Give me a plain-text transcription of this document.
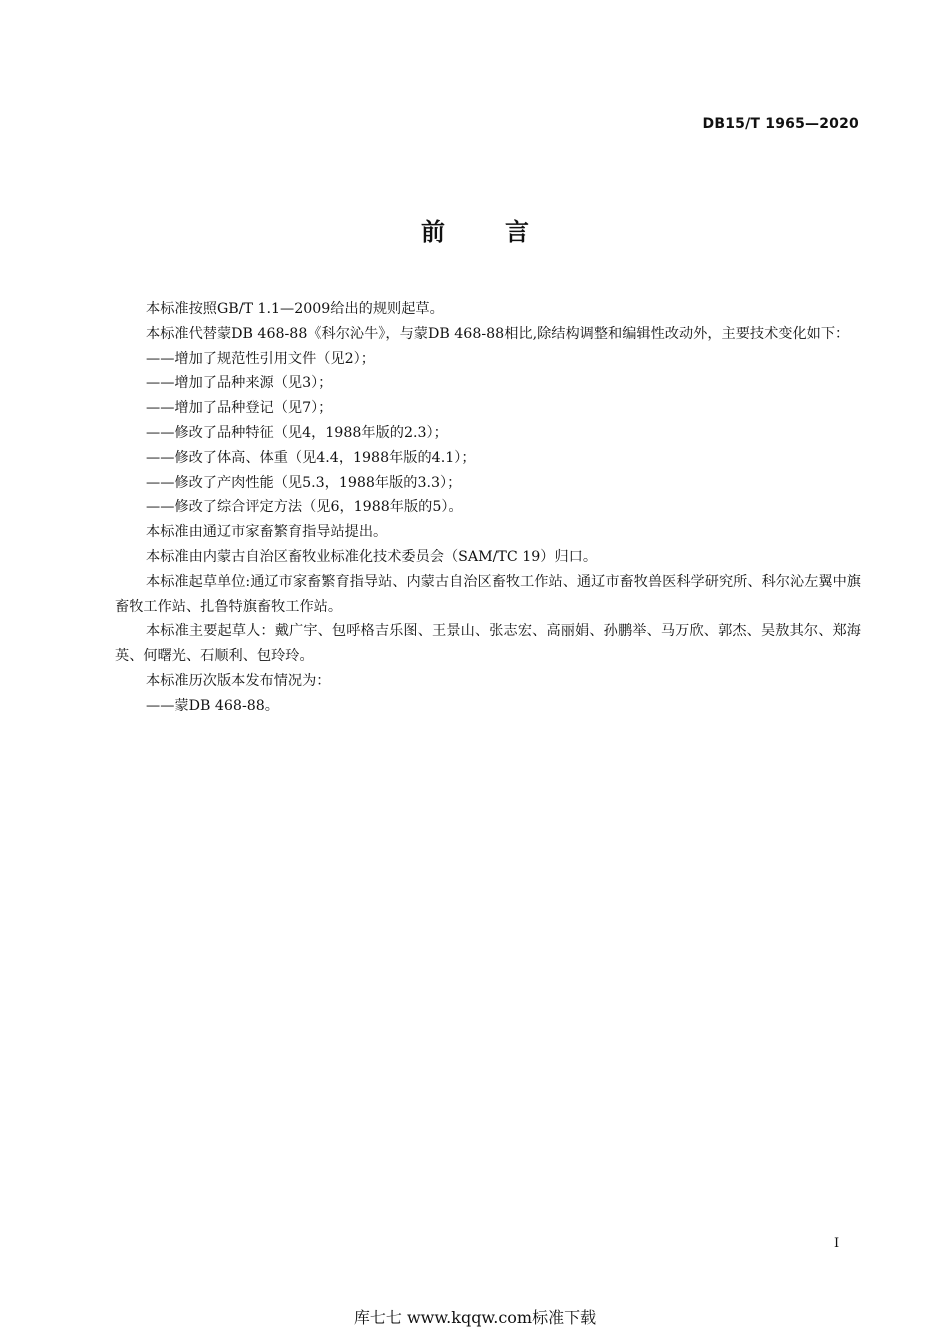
DB15/T 1965—2020
前言

本标准按照GB/T 1.1—2009给出的规则起草。

本标准代替蒙DB 468-88《科尔沁牛》，与蒙DB 468-88相比,除结构调整和编辑性改动外，主要技术变化如下：

——增加了规范性引用文件（见2）；

——增加了品种来源（见3）；

——增加了品种登记（见7）；

——修改了品种特征（见4，1988年版的2.3）；

——修改了体高、体重（见4.4，1988年版的4.1）；

——修改了产肉性能（见5.3，1988年版的3.3）；

——修改了综合评定方法（见6，1988年版的5）。

本标准由通辽市家畜繁育指导站提出。

本标准由内蒙古自治区畜牧业标准化技术委员会（SAM/TC 19）归口。

本标准起草单位:通辽市家畜繁育指导站、内蒙古自治区畜牧工作站、通辽市畜牧兽医科学研究所、科尔沁左翼中旗畜牧工作站、扎鲁特旗畜牧工作站。

本标准主要起草人：戴广宇、包呼格吉乐图、王景山、张志宏、高丽娟、孙鹏举、马万欣、郭杰、吴敖其尔、郑海英、何曙光、石顺利、包玲玲。

本标准历次版本发布情况为：

——蒙DB 468-88。

I
库七七 www.kqqw.com标准下载
